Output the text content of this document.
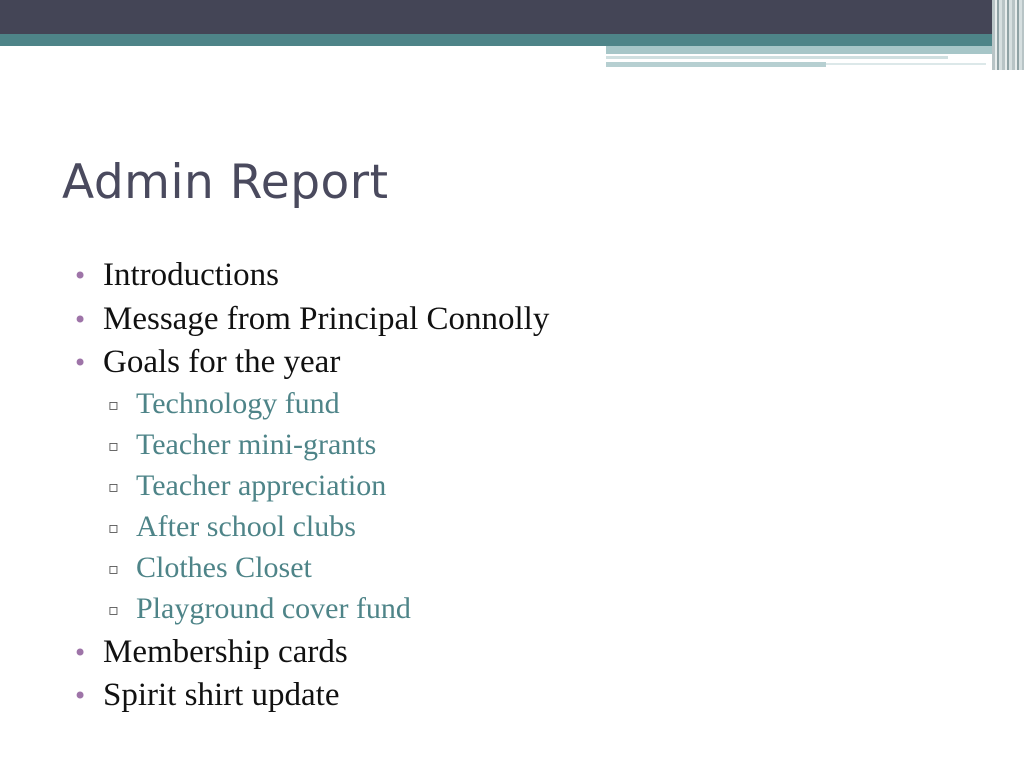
Admin Report
• Introductions
• Message from Principal Connolly
• Goals for the year
▫ Technology fund
▫ Teacher mini-grants
▫ Teacher appreciation
▫ After school clubs
▫ Clothes Closet
▫ Playground cover fund
• Membership cards
• Spirit shirt update
